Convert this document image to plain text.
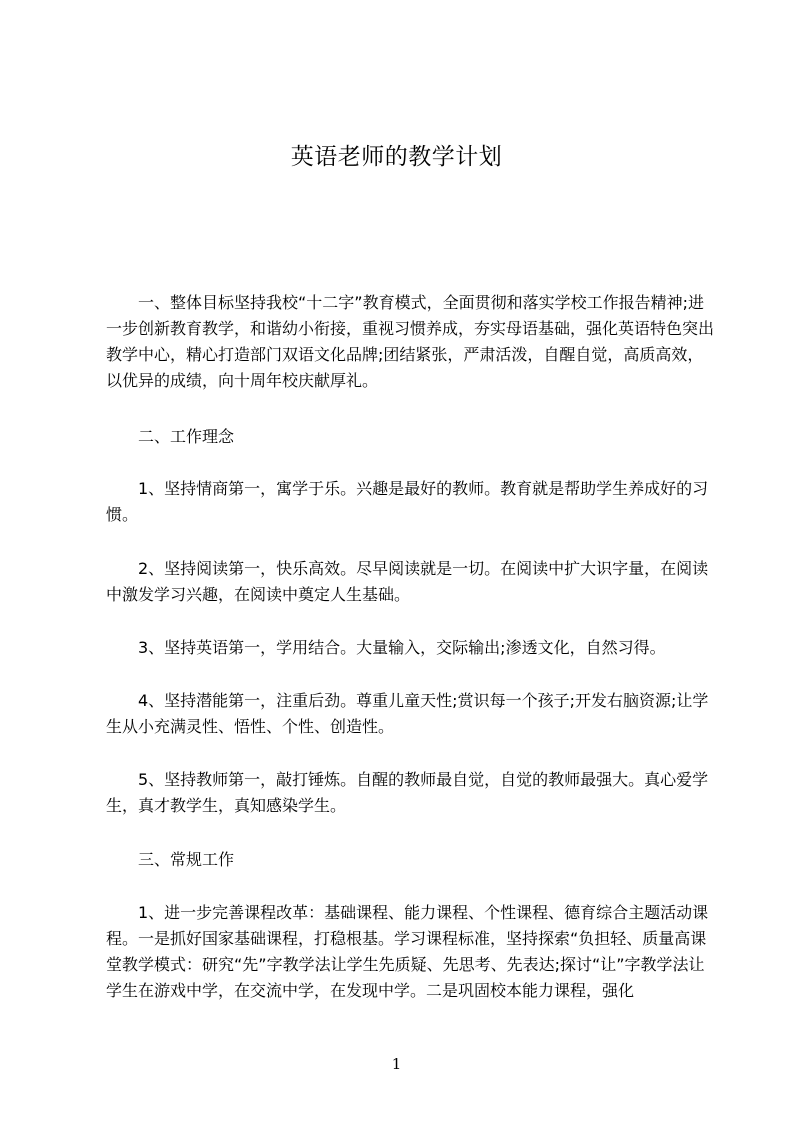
英语老师的教学计划

一、整体目标坚持我校“十二字”教育模式，全面贯彻和落实学校工作报告精神;进一步创新教育教学，和谐幼小衔接，重视习惯养成，夯实母语基础，强化英语特色突出教学中心，精心打造部门双语文化品牌;团结紧张，严肃活泼，自醒自觉，高质高效，以优异的成绩，向十周年校庆献厚礼。

二、工作理念

1、坚持情商第一，寓学于乐。兴趣是最好的教师。教育就是帮助学生养成好的习惯。

2、坚持阅读第一，快乐高效。尽早阅读就是一切。在阅读中扩大识字量，在阅读中激发学习兴趣，在阅读中奠定人生基础。

3、坚持英语第一，学用结合。大量输入，交际输出;渗透文化，自然习得。

4、坚持潜能第一，注重后劲。尊重儿童天性;赏识每一个孩子;开发右脑资源;让学生从小充满灵性、悟性、个性、创造性。

5、坚持教师第一，敲打锤炼。自醒的教师最自觉，自觉的教师最强大。真心爱学生，真才教学生，真知感染学生。

三、常规工作

1、进一步完善课程改革：基础课程、能力课程、个性课程、德育综合主题活动课程。一是抓好国家基础课程，打稳根基。学习课程标准，坚持探索“负担轻、质量高课堂教学模式：研究“先”字教学法让学生先质疑、先思考、先表达;探讨“让”字教学法让学生在游戏中学，在交流中学，在发现中学。二是巩固校本能力课程，强化

1
